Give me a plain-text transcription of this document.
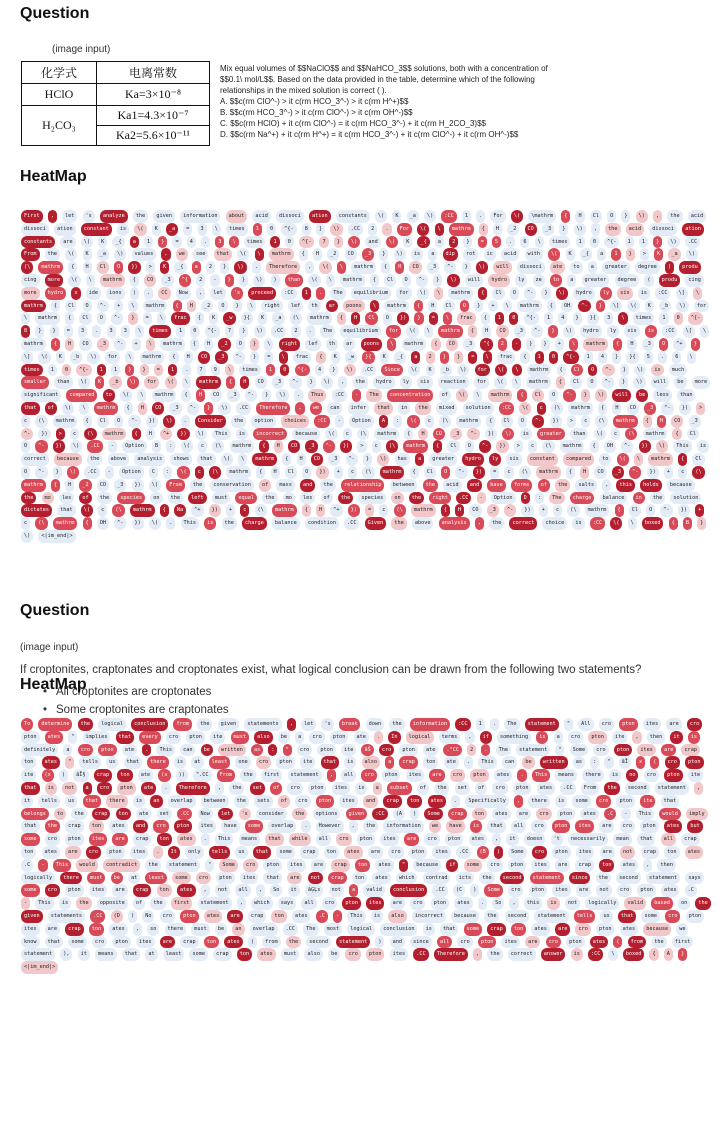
Question
(image input)
化学式	电离常数
HClO	Ka=3×10⁻⁸
H₂CO₃	Ka1=4.3×10⁻⁷
	Ka2=5.6×10⁻¹¹
Mix equal volumes of $$NaClO$$ and $$NaHCO_3$$ solutions, both with a concentration of
$$0.1\ mol/L$$. Based on the data provided in the table, determine which of the following
relationships in the mixed solution is correct ( ).
A. $$c(rm ClO^-) > it c(rm HCO_3^-) > it c(rm H^+)$$
B. $$c(rm HCO_3^-) > it c(rm ClO^-) > it c(rm OH^-)$$
C. $$c(rm HClO) + it c(rm ClO^-) = it c(rm HCO_3^-) + it c(rm H_2CO_3)$$
D. $$c(rm Na^+) + it c(rm H^+) = it c(rm HCO_3^-) + it c(rm ClO^-) + it c(rm OH^-)$$
HeatMap
First , let 's analyze the given information about acid dissoci ation constants \( K _a \) :CC 1 . For \( \mathrm { H Cl O } \) , the acid dissoci ation constant is \( K _a = 3 \ times 1 0 ^{- 8 } \) .CC 2 . For \( \ mathrm { H _2 CO _3 } \) , the acid dissoci ation constants are \( K _{ a 1 } = 4 . 3 \ times 1 0 ^{- 7 } \) and \( K _{ a 2 } = 5 . 6 \ times 1 0 ^{- 1 1 } \) .CC From the \( K _a \) values , we see that \( \ mathrm { H _2 CO _3 } \) is a dip rot ic acid with \( K _{ a 1 } > K _a \) (\ mathrm { H Cl O }) > K _{ a 2 } \) . Therefore , \( \ mathrm { H CO _3 ^- } \) will dissoci ate to a greater degree ( produ cing more \( \ mathrm { CO _3 ^{ 2 - } } \) ) than \( \ mathrm { Cl O ^- } \) will hydro ly ze to a greater degree ( produ cing more hydro x ide ions ) . CC Now , let 's proceed :CC 1 . The equilibrium for \( \ mathrm { Cl O ^- } \) hydro ly sis is :CC \[ \ mathrm { Cl O ^- + \ mathrm { H _2 O } \ right lef th ar poons \ mathrm { H Cl O } + \ mathrm { OH ^- } \] \( K _b \) for \ mathrm { Cl O ^- } = \ frac { K _w }{ K _a (\ mathrm { H Cl O }) } = \ frac { 1 0 ^{- 1 4 } }{ 3 \ times 1 0 ^{- 8 } } = 3 . 3 3 \ times 1 0 ^{- 7 } \) .CC 2 . The equilibrium for \( \ mathrm { H CO _3 ^- } \) hydro ly sis is :CC \[ \ mathrm { H CO _3 ^- + \ mathrm { H _2 O } \ right lef th ar poons \ mathrm { CO _3 ^{ 2 - } } + \ mathrm { H _3 O ^+ } \] \( K _b \) for \ mathrm { H CO _3 ^- } = \ frac { K _w }{ K _{ a 2 } } = \ frac { 1 0 ^{- 1 4 } }{ 5 . 6 \ times 1 0 ^{- 1 1 } } = 1 . 7 9 \ times 1 0 ^{- 4 } \) .CC Since \( K _b \) for \( \ mathrm { Cl O ^- } \) is much smaller than \( K _b \) for \( \ mathrm { H CO _3 ^- } \) , the hydro ly sis reaction for \( \ mathrm { Cl O ^- } \) will be more significant compared to \( \ mathrm { H CO _3 ^- } \) . Thus :CC - The concentration of \( \ mathrm { Cl O ^- } \) will be less than that of \( \ mathrm { H CO _3 ^- } \) .CC Therefore , we can infer that in the mixed solution :CC \( c (\ mathrm { H CO _3 ^- }) > c (\ mathrm { Cl O ^- }) \) . Consider the option choices :CC - Option A : \( c (\ mathrm { Cl O ^- }) > c (\ mathrm { H CO _3 ^- }) > c (\ mathrm { H ^+ }) \) This is incorrect because \( c (\ mathrm { H CO _3 ^- }) \) is greater than \( c (\ mathrm { Cl O ^- }) \) .CC - Option B : \( c (\ mathrm { H CO _3 ^- }) > c (\ mathrm { Cl O ^- }) > c (\ mathrm { OH ^- }) \) This is correct because the above analysis shows that \( \ mathrm { H CO _3 ^- } \) has a greater hydro ly sis constant compared to \( \ mathrm { Cl O ^- } \) .CC - Option C : \( c (\ mathrm { H Cl O }) + c (\ mathrm { Cl O ^- }) = c (\ mathrm { H CO _3 ^- }) + c (\ mathrm { H _2 CO _3 }) \) From the conservation of mass and the relationship between the acid and base forms of the salts , this holds because the mo les of the species on the left must equal the mo les of the species on the right .CC - Option D : The charge balance in the solution dictates that \( c (\ mathrm { Na ^+ }) + c (\ mathrm { H ^+ }) = c (\ mathrm { H CO _3 ^- }) + c (\ mathrm { Cl O ^- }) + c (\ mathrm { OH ^- }) \) . This is the charge balance condition .CC Given the above analysis , the correct choice is :CC \( \ boxed { B } \) <|im_end|>
Question
(image input)
If croptonites, craptonates and croptonates exist, what logical conclusion can be drawn from the following two statements?
• All croptonites are croptonates
• Some croptonites are craptonates
HeatMap
To determine the logical conclusion from the given statements , let 's break down the information :CC 1 . The statement " All cro pton ites are cro pton ates " implies that every cro pton ite must also be a cro pton ate . In logical terms , if something is a cro pton ite , then it is definitely a cro pton ate . This can be written as : " cro pton ite âŠ cro pton ate ."CC 2 . The statement " Some cro pton ites are crap ton ates " tells us that there is at least one cro pton ite that is also a crap ton ate . This can be written as : " âĪ x ( cro pton ite (x ) âĪ§ crap ton ate (x )) ".CC From the first statement , all cro pton ites are cro pton ates . This means there is no cro pton ite that is not a cro pton ate . Therefore , the set of cro pton ites is a subset of the set of cro pton ates .CC From the second statement , it tells us that there is an overlap between the sets of cro pton ites and crap ton ates . Specifically , there is some cro pton ite that belongs to the crap ton ate set .CC Now let 's consider the options given :CC (A ) Some crap ton ates are cro pton ates .C - This would imply that the crap ton ates and cro pton ites have some overlap . However , the information we have is that all cro pton ites are cro pton ates but some cro pton ites are crap ton ates . This means that while all cro pton ites are cro pton ates , it doesn 't necessarily mean that all crap ton ates are cro pton ites . It only tells us that some crap ton ates are cro pton ites .CC (B ) Some cro pton ites are not crap ton ates .C - This would contradict the statement " Some cro pton ites are crap ton ates " because if some cro pton ites are crap ton ates , then logically there must be at least some cro pton ites that are not crap ton ates which contrad icts the second statement since the second statement says some cro pton ites are crap ton ates , not all , So it âĢĻs not a valid conclusion .CC (C ) Some cro pton ites are not cro pton ates .C - This is the opposite of the first statement , which says all cro pton ites are cro pton ates . So , this is not logically valid based on the given statements .CC (D ) No cro pton ates are crap ton ates .C - This is also incorrect because the second statement tells us that some cro pton ites are crap ton ates , so there must be an overlap .CC The most logical conclusion is that some crap ton ates are cro pton ates because we know that some cro pton ites are crap ton ates ( from the second statement ) and since all cro pton ites are cro pton ates ( from the first statement ), it means that at least some crap ton ates must also be cro pton ites .CC Therefore , the correct answer is :CC \ boxed { A } <|im_end|>
